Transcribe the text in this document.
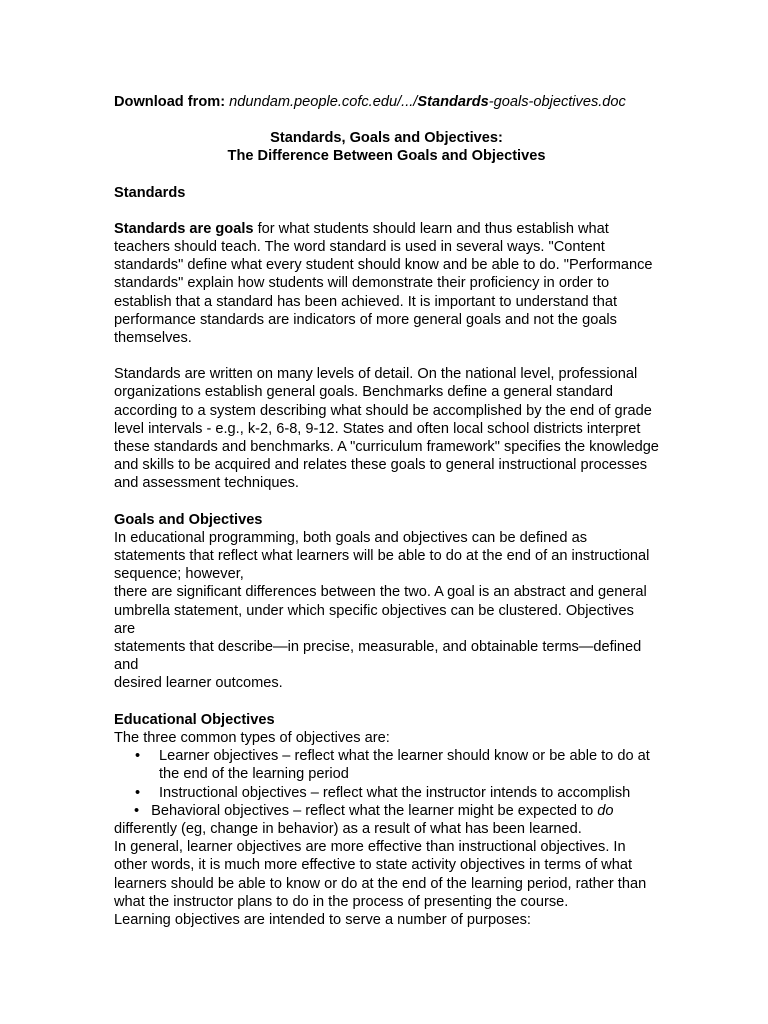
Download from: ndundam.people.cofc.edu/.../Standards-goals-objectives.doc

Standards, Goals and Objectives:
The Difference Between Goals and Objectives

Standards

Standards are goals for what students should learn and thus establish what teachers should teach. The word standard is used in several ways. "Content standards" define what every student should know and be able to do. "Performance standards" explain how students will demonstrate their proficiency in order to establish that a standard has been achieved. It is important to understand that performance standards are indicators of more general goals and not the goals themselves.

Standards are written on many levels of detail. On the national level, professional organizations establish general goals. Benchmarks define a general standard according to a system describing what should be accomplished by the end of grade level intervals - e.g., k-2, 6-8, 9-12. States and often local school districts interpret these standards and benchmarks. A "curriculum framework" specifies the knowledge and skills to be acquired and relates these goals to general instructional processes and assessment techniques.

Goals and Objectives

In educational programming, both goals and objectives can be defined as statements that reflect what learners will be able to do at the end of an instructional sequence; however,

there are significant differences between the two. A goal is an abstract and general umbrella statement, under which specific objectives can be clustered. Objectives are

statements that describe—in precise, measurable, and obtainable terms—defined and

desired learner outcomes.

Educational Objectives

The three common types of objectives are:

• Learner objectives – reflect what the learner should know or be able to do at the end of the learning period
• Instructional objectives – reflect what the instructor intends to accomplish

• Behavioral objectives – reflect what the learner might be expected to do

differently (eg, change in behavior) as a result of what has been learned.

In general, learner objectives are more effective than instructional objectives. In other words, it is much more effective to state activity objectives in terms of what learners should be able to know or do at the end of the learning period, rather than what the instructor plans to do in the process of presenting the course.

Learning objectives are intended to serve a number of purposes:
